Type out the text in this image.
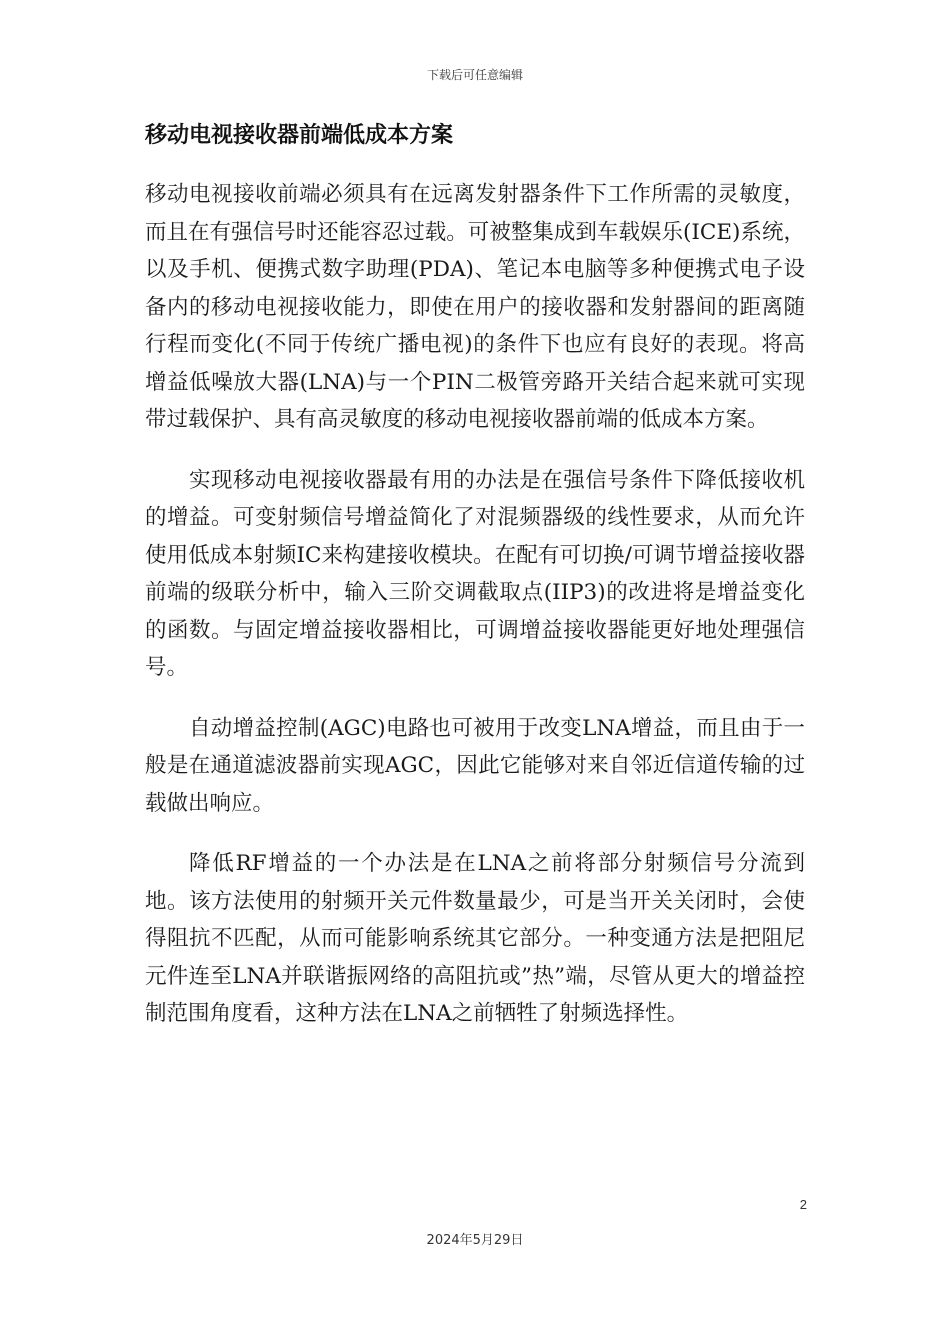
下载后可任意编辑
移动电视接收器前端低成本方案

移动电视接收前端必须具有在远离发射器条件下工作所需的灵敏度，而且在有强信号时还能容忍过载。可被整集成到车载娱乐(ICE)系统，以及手机、便携式数字助理(PDA)、笔记本电脑等多种便携式电子设备内的移动电视接收能力，即使在用户的接收器和发射器间的距离随行程而变化(不同于传统广播电视)的条件下也应有良好的表现。将高增益低噪放大器(LNA)与一个PIN二极管旁路开关结合起来就可实现带过载保护、具有高灵敏度的移动电视接收器前端的低成本方案。

实现移动电视接收器最有用的办法是在强信号条件下降低接收机的增益。可变射频信号增益简化了对混频器级的线性要求，从而允许使用低成本射频IC来构建接收模块。在配有可切换/可调节增益接收器前端的级联分析中，输入三阶交调截取点(IIP3)的改进将是增益变化的函数。与固定增益接收器相比，可调增益接收器能更好地处理强信号。

自动增益控制(AGC)电路也可被用于改变LNA增益，而且由于一般是在通道滤波器前实现AGC，因此它能够对来自邻近信道传输的过载做出响应。

降低RF增益的一个办法是在LNA之前将部分射频信号分流到地。该方法使用的射频开关元件数量最少，可是当开关关闭时，会使得阻抗不匹配，从而可能影响系统其它部分。一种变通方法是把阻尼元件连至LNA并联谐振网络的高阻抗或”热”端，尽管从更大的增益控制范围角度看，这种方法在LNA之前牺牲了射频选择性。

2
2024年5月29日
